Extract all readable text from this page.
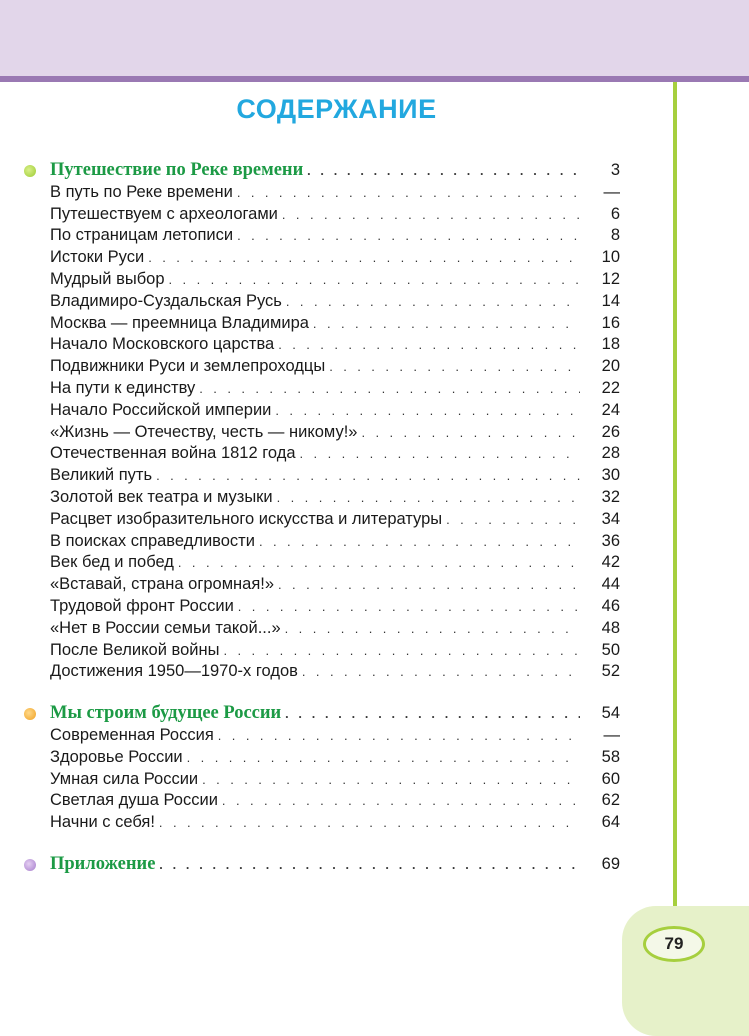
79
СОДЕРЖАНИЕ
Путешествие по Реке времени . . .	3
В путь по Реке времени . . .	—
Путешествуем с археологами . . .	6
По страницам летописи . . .	8
Истоки Руси . . .	10
Мудрый выбор . . .	12
Владимиро-Суздальская Русь . . .	14
Москва — преемница Владимира . . .	16
Начало Московского царства . . .	18
Подвижники Руси и землепроходцы . . .	20
На пути к единству . . .	22
Начало Российской империи . . .	24
«Жизнь — Отечеству, честь — никому!» . . .	26
Отечественная война 1812 года . . .	28
Великий путь . . .	30
Золотой век театра и музыки . . .	32
Расцвет изобразительного искусства и литературы . . .	34
В поисках справедливости . . .	36
Век бед и побед . . .	42
«Вставай, страна огромная!» . . .	44
Трудовой фронт России . . .	46
«Нет в России семьи такой...» . . .	48
После Великой войны . . .	50
Достижения 1950—1970-х годов . . .	52
Мы строим будущее России . . .	54
Современная Россия . . .	—
Здоровье России . . .	58
Умная сила России . . .	60
Светлая душа России . . .	62
Начни с себя! . . .	64
Приложение . . .	69
